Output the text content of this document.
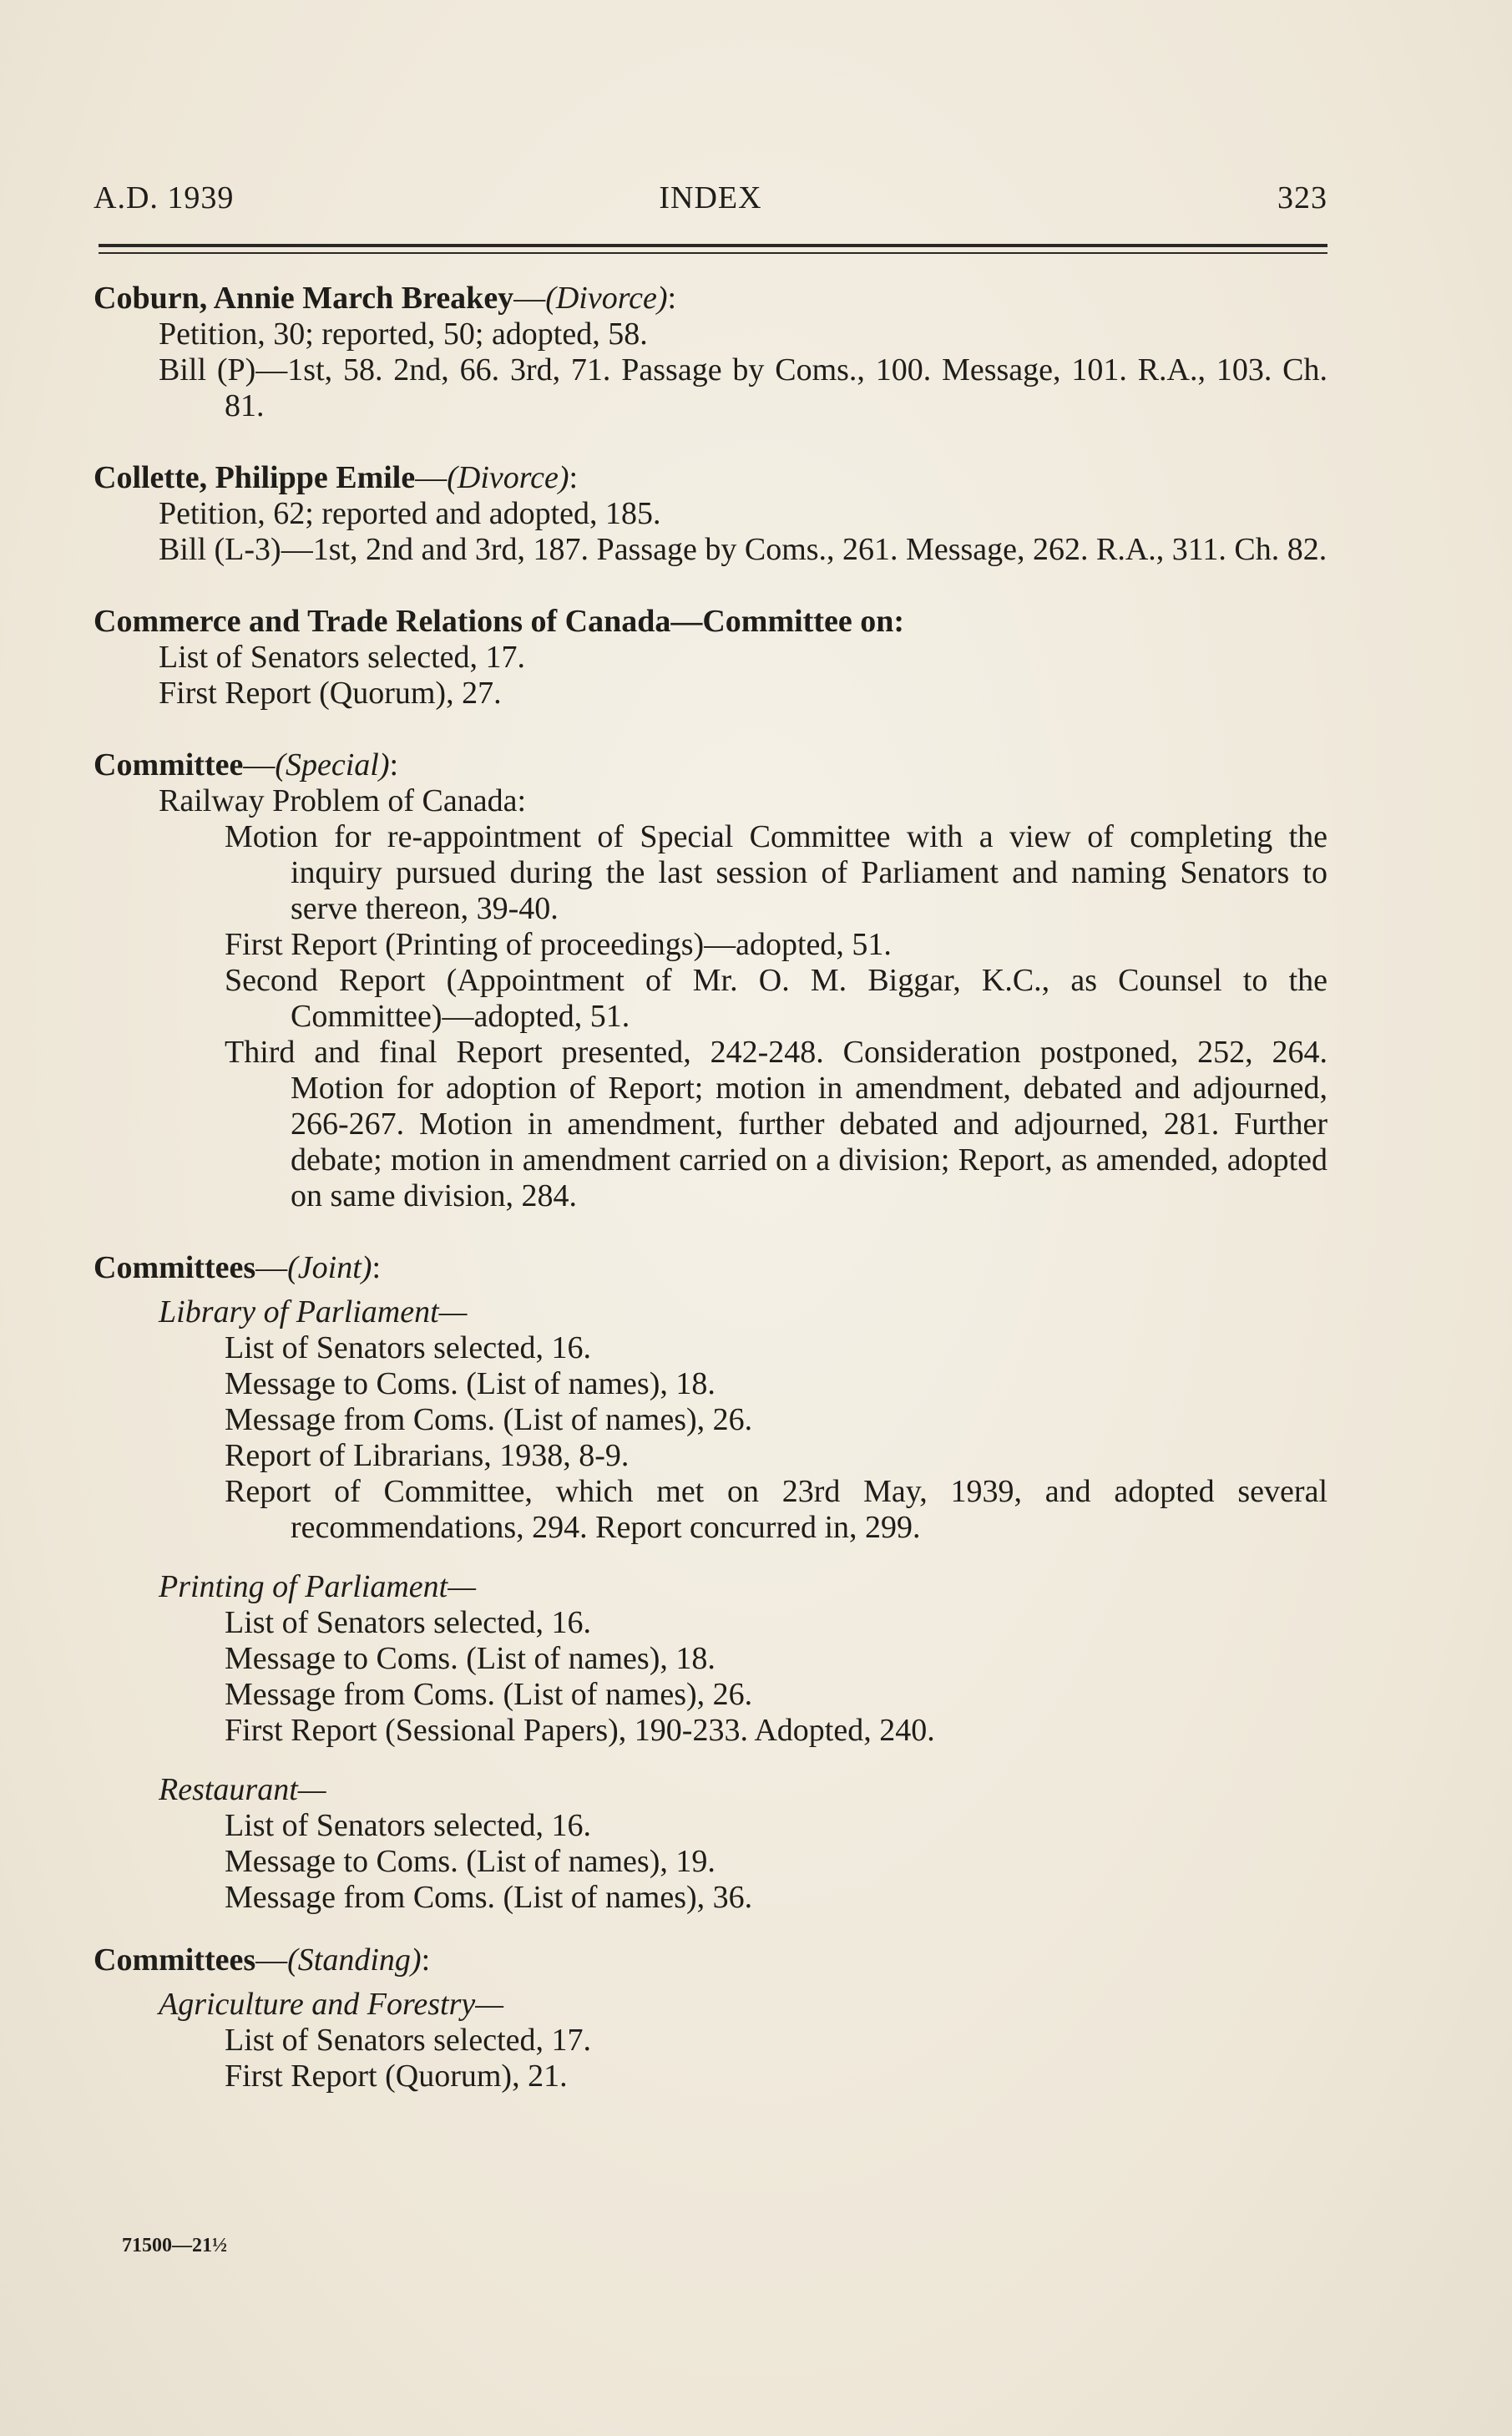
A.D. 1939	INDEX	323
Coburn, Annie March Breakey—(Divorce):
Petition, 30; reported, 50; adopted, 58.
Bill (P)—1st, 58. 2nd, 66. 3rd, 71. Passage by Coms., 100. Message, 101. R.A., 103. Ch. 81.
Collette, Philippe Emile—(Divorce):
Petition, 62; reported and adopted, 185.
Bill (L-3)—1st, 2nd and 3rd, 187. Passage by Coms., 261. Message, 262. R.A., 311. Ch. 82.
Commerce and Trade Relations of Canada—Committee on:
List of Senators selected, 17.
First Report (Quorum), 27.
Committee—(Special):
Railway Problem of Canada:
Motion for re-appointment of Special Committee with a view of completing the inquiry pursued during the last session of Parliament and naming Senators to serve thereon, 39-40.
First Report (Printing of proceedings)—adopted, 51.
Second Report (Appointment of Mr. O. M. Biggar, K.C., as Counsel to the Committee)—adopted, 51.
Third and final Report presented, 242-248. Consideration postponed, 252, 264. Motion for adoption of Report; motion in amendment, debated and adjourned, 266-267. Motion in amendment, further debated and adjourned, 281. Further debate; motion in amendment carried on a division; Report, as amended, adopted on same division, 284.
Committees—(Joint):
Library of Parliament—
List of Senators selected, 16.
Message to Coms. (List of names), 18.
Message from Coms. (List of names), 26.
Report of Librarians, 1938, 8-9.
Report of Committee, which met on 23rd May, 1939, and adopted several recommendations, 294. Report concurred in, 299.
Printing of Parliament—
List of Senators selected, 16.
Message to Coms. (List of names), 18.
Message from Coms. (List of names), 26.
First Report (Sessional Papers), 190-233. Adopted, 240.
Restaurant—
List of Senators selected, 16.
Message to Coms. (List of names), 19.
Message from Coms. (List of names), 36.
Committees—(Standing):
Agriculture and Forestry—
List of Senators selected, 17.
First Report (Quorum), 21.
71500—21½
